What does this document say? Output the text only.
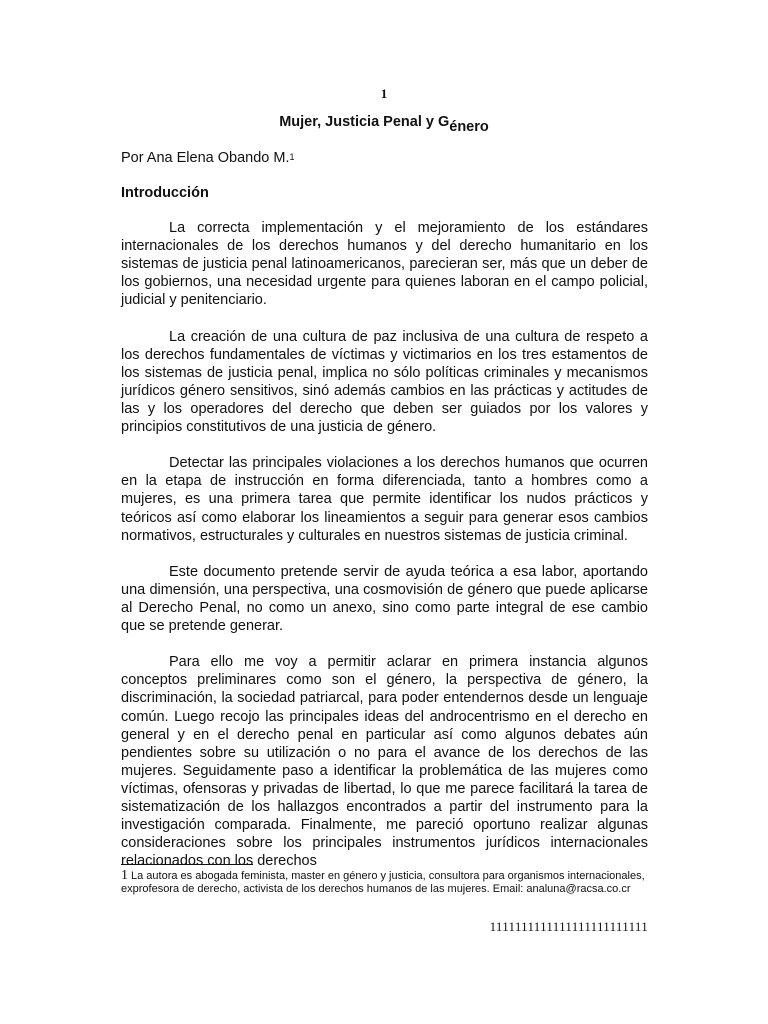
1
Mujer, Justicia Penal y Género
Por Ana Elena Obando M.$^1$
Introducción

La correcta implementación y el mejoramiento de los estándares internacionales de los derechos humanos y del derecho humanitario en los sistemas de justicia penal latinoamericanos, parecieran ser, más que un deber de los gobiernos, una necesidad urgente para quienes laboran en el campo policial, judicial y penitenciario.

La creación de una cultura de paz inclusiva de una cultura de respeto a los derechos fundamentales de víctimas y victimarios en los tres estamentos de los sistemas de justicia penal, implica no sólo políticas criminales y mecanismos jurídicos género sensitivos, sinó además cambios en las prácticas y actitudes de las y los operadores del derecho que deben ser guiados por los valores y principios constitutivos de una justicia de género.

Detectar las principales violaciones a los derechos humanos que ocurren en la etapa de instrucción en forma diferenciada, tanto a hombres como a mujeres, es una primera tarea que permite identificar los nudos prácticos y teóricos así como elaborar los lineamientos a seguir para generar esos cambios normativos, estructurales y culturales en nuestros sistemas de justicia criminal.

Este documento pretende servir de ayuda teórica a esa labor, aportando una dimensión, una perspectiva, una cosmovisión de género que puede aplicarse al Derecho Penal, no como un anexo, sino como parte integral de ese cambio que se pretende generar.

Para ello me voy a permitir aclarar en primera instancia algunos conceptos preliminares como son el género, la perspectiva de género, la discriminación, la sociedad patriarcal, para poder entendernos desde un lenguaje común. Luego recojo las principales ideas del androcentrismo en el derecho en general y en el derecho penal en particular así como algunos debates aún pendientes sobre su utilización o no para el avance de los derechos de las mujeres. Seguidamente paso a identificar la problemática de las mujeres como víctimas, ofensoras y privadas de libertad, lo que me parece facilitará la tarea de sistematización de los hallazgos encontrados a partir del instrumento para la investigación comparada. Finalmente, me pareció oportuno realizar algunas consideraciones sobre los principales instrumentos jurídicos internacionales relacionados con los derechos

1 La autora es abogada feminista, master en género y justicia, consultora para organismos internacionales, exprofesora de derecho, activista de los derechos humanos de las mujeres. Email: analuna@racsa.co.cr
1111111111111111111111111
